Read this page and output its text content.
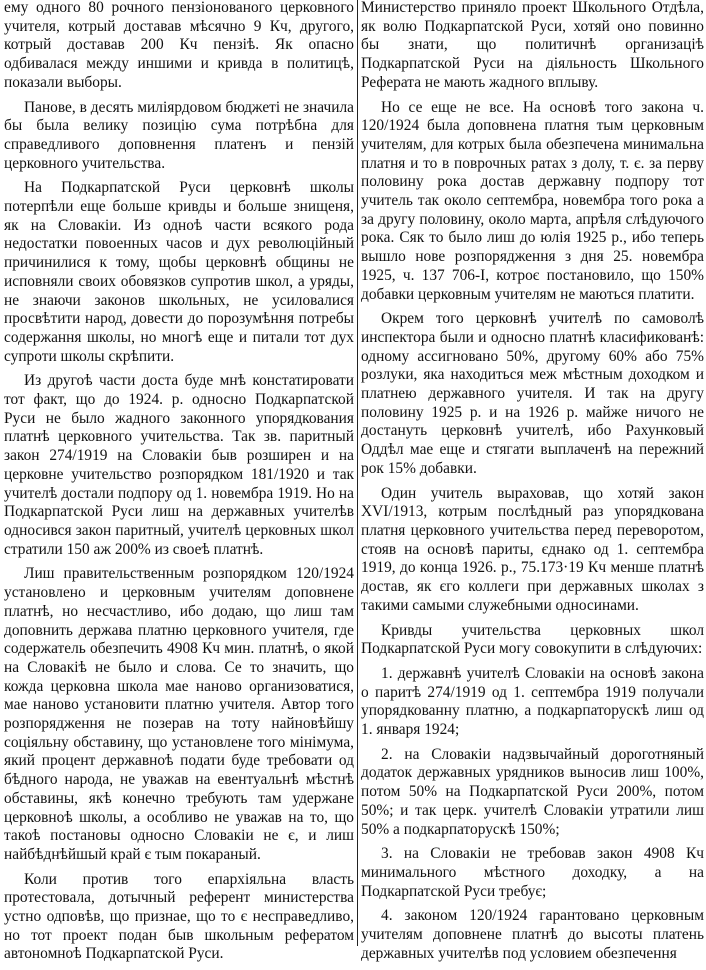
ему одного 80 рочного пензіонованого церковного учителя, котрый доставав мѣсячно 9 Кч, другого, котрый доставав 200 Кч пензіѣ. Як опасно одбивалася между иншими и кривда в политицѣ, показали выборы.

Панове, в десять миліярдовом бюджеті не значила бы была велику позицію сума потрѣбна для справедливого доповнення платенъ и пензій церковного учительства.

На Подкарпатской Руси церковнѣ школы потерпѣли еще больше кривды и больше знищеня, як на Словакіи. Из одноѣ части всякого рода недостатки повоенных часов и дух революційный причинилися к тому, щобы церковнѣ общины не исповняли своих обовязков супротив школ, а уряды, не знаючи законов школьных, не усиловалися просвѣтити народ, довести до порозумѣння потребы содержання школы, но многѣ еще и питали тот дух супроти школы скрѣпити.

Из другоѣ части доста буде мнѣ констатировати тот факт, що до 1924. р. односно Подкарпатской Руси не было жадного законного упорядкования платнѣ церковного учительства. Так зв. паритный закон 274/1919 на Словакіи быв розширен и на церковне учительство розпорядком 181/1920 и так учителѣ достали подпору од 1. новембра 1919. Но на Подкарпатской Руси лиш на державных учителѣв односився закон паритный, учителѣ церковных школ стратили 150 аж 200% из своеѣ платнѣ.

Лиш правительственным розпорядком 120/1924 установлено и церковным учителям доповнене платнѣ, но несчастливо, ибо додаю, що лиш там доповнить держава платню церковного учителя, где содержатель обезпечить 4908 Кч мин. платнѣ, о якой на Словакіѣ не было и слова. Се то значить, що кожда церковна школа мае наново организоватися, мае наново установити платню учителя. Автор того розпорядження не позерав на тоту найновѣйшу соціяльну обставину, що установлене того мінімума, який процент державноѣ подати буде требовати од бѣдного народа, не уважав на евентуальнѣ мѣстнѣ обставины, якѣ конечно требують там удержане церковноѣ школы, а особливо не уважав на то, що такоѣ постановы односно Словакіи не є, и лиш найбѣднѣйшый край є тым покараный.

Коли против того епархіяльна власть протестовала, дотычный референт министерства устно одповѣв, що признае, що то є несправедливо, но тот проект подан быв школьным рефератом автономноѣ Подкарпатской Руси.

Министерство приняло проект Школьного Отдѣла, як волю Подкарпатской Руси, хотяй оно повинно бы знати, що политичнѣ организаціѣ Подкарпатской Руси на діяльность Школьного Реферата не мають жадного вплыву.

Но се еще не все. На основѣ того закона ч. 120/1924 была доповнена платня тым церковным учителям, для котрых была обезпечена минимальна платня и то в поврочных ратах з долу, т. є. за перву половину рока достав державну подпору тот учитель так около септембра, новембра того рока а за другу половину, около марта, апрѣля слѣдуючого рока. Сяк то было лиш до юлія 1925 р., ибо теперь вышло нове розпорядження з дня 25. новембра 1925, ч. 137 706-І, котроє постановило, що 150% добавки церковным учителям не маються платити.

Окрем того церковнѣ учителѣ по самоволѣ инспектора были и односно платнѣ класификованѣ: одному ассигновано 50%, другому 60% або 75% розлуки, яка находиться меж мѣстным доходком и платнею державного учителя. И так на другу половину 1925 р. и на 1926 р. майже ничого не достануть церковнѣ учителѣ, ибо Рахунковый Оддѣл мае еще и стягати выплаченѣ на пережний рок 15% добавки.

Один учитель выраховав, що хотяй закон XVI/1913, котрым послѣдный раз упорядкована платня церковного учительства перед переворотом, стояв на основѣ париты, єднако од 1. септембра 1919, до конца 1926. р., 75.173·19 Кч менше платнѣ достав, як єго коллеги при державных школах з такими самыми служебными односинами.

Кривды учительства церковных школ Подкарпатской Руси могу совокупити в слѣдуючих:

1. державнѣ учителѣ Словакіи на основѣ закона о паритѣ 274/1919 од 1. септембра 1919 получали упорядкованну платню, а подкарпаторускѣ лиш од 1. января 1924;

2. на Словакіи надзвычайный дороготняный додаток державных урядников выносив лиш 100%, потом 50% на Подкарпатской Руси 200%, потом 50%; и так церк. учителѣ Словакіи утратили лиш 50% а подкарпаторускѣ 150%;

3. на Словакіи не требовав закон 4908 Кч минимального мѣстного доходку, а на Подкарпатской Руси требує;

4. законом 120/1924 гарантовано церковным учителям доповнене платнѣ до высоты платень державных учителѣв под условием обезпечення
